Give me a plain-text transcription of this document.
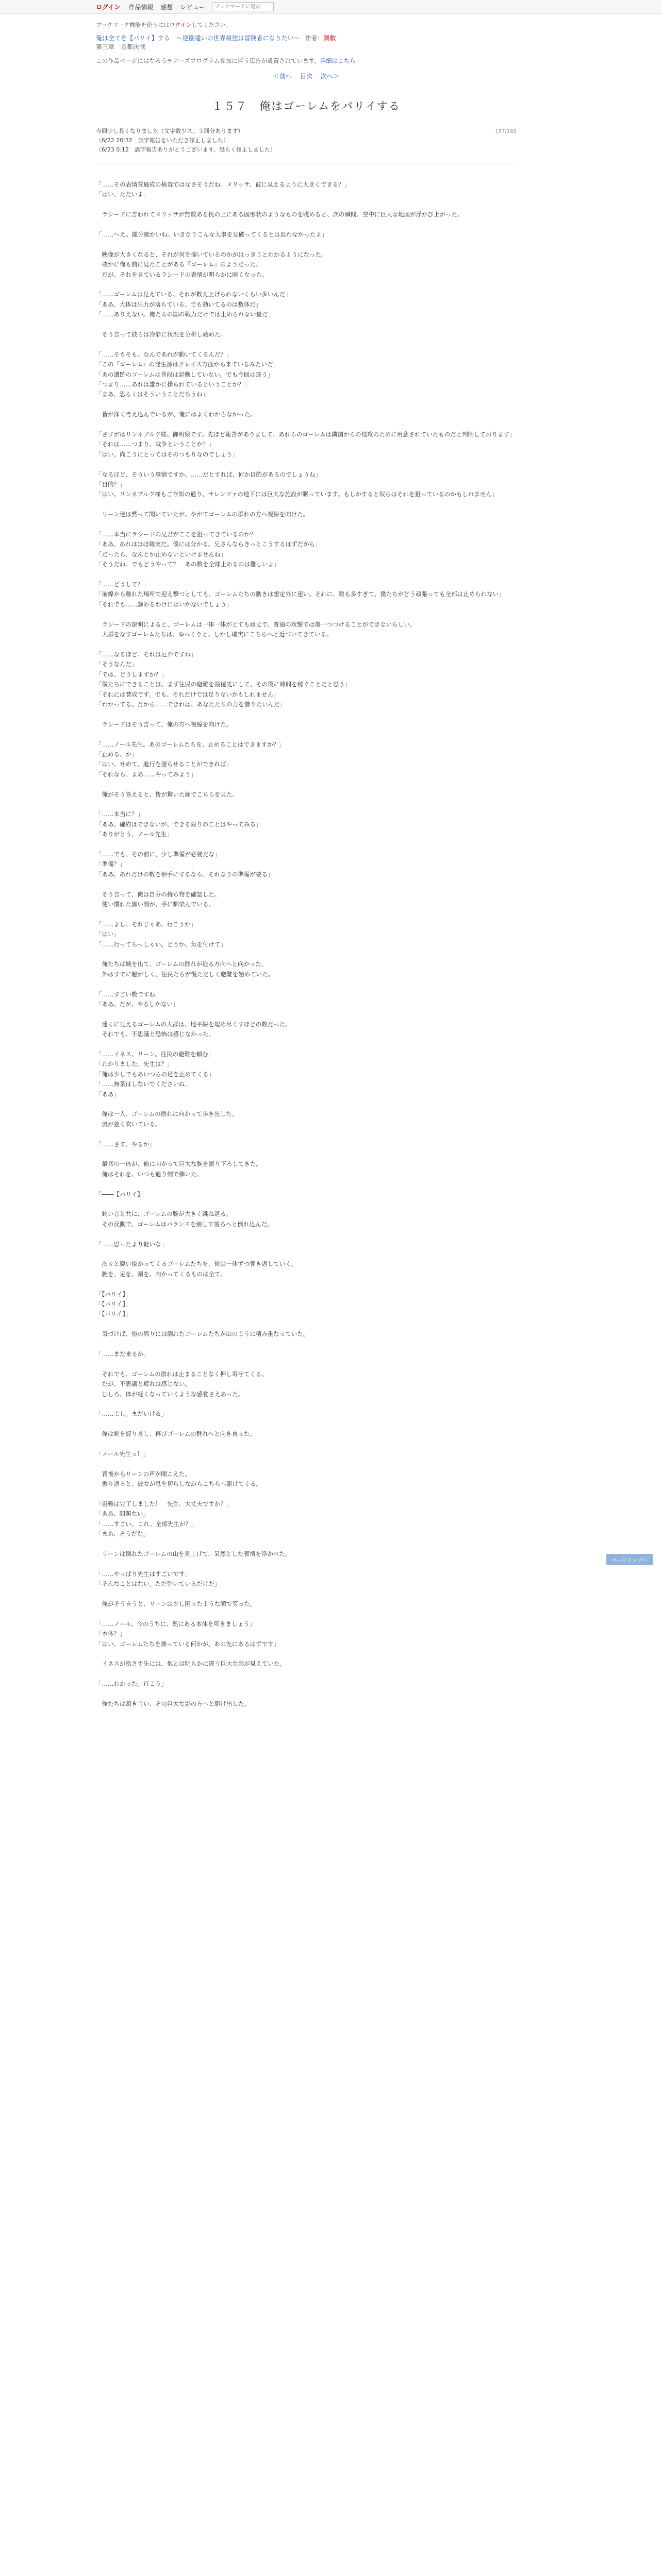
ログイン 作品情報 感想 レビュー
ブックマークに追加
ブックマーク機能を使うにはログインしてください。
俺は全てを【パリイ】する　～逆勘違いの世界最強は冒険者になりたい～ 作者：鍋敷
第三章　首都決戦
この作品ページにはなろうチアーズプログラム参加に伴う広告が設置されています。詳細はこちら
＜前へ 目次 次へ＞
157/168
１５７　俺はゴーレムをパリイする
今回少し長くなりました（文字数少ス、３回分あります）
（6/22 20:32　誤字報告をいただき修正しました）
（6/23 0:12　誤字報告ありがとうございます。恐らく修正しました）

「……その表情普通成の検査ではなさそうだね。メリッサ、彼に見えるように大きくできる？」

「はい、ただいま」

　ラシードに言われてメリッサが無数ある机の上にある図形状のようなものを眺めると、次の瞬間、空中に巨大な地図が浮かび上がった。

「……ヘえ。随分細かいね。いきなりこんな大事を見破ってくるとは思わなかったよ」

　映像が大きくなると、それが何を描いているのかがはっきりとわかるようになった。

　確かに俺も前に見たことがある『ゴーレム』のようだった。

　だが、それを見ているラシードの表情が明らかに暗くなった。

「……ゴーレムは見えている。それが数え上げられないくらい多いんだ」

「ああ、大体は出力が落ちている。でも動いてるのは数体だ」

「……ありえない。俺たちの国の戦力だけでは止められない量だ」

　そう言って彼らは冷静に状況を分析し始めた。

「……そもそも、なんであれが動いてくるんだ？」

「この『ゴーレム』の発生源はクレイス方面から来ているみたいだ」

「あの遺跡のゴーレムは普段は起動していない。でも今回は違う」

「つまり……あれは誰かに操られているということか？」

「まあ、恐らくはそういうことだろうね」

　皆が深く考え込んでいるが、俺にはよくわからなかった。

「さすがはリンネブルグ様。御明察です。先ほど報告がありまして、あれらのゴーレムは隣国からの侵攻のために用意されていたものだと判明しております」

「それは……つまり、戦争ということか？」

「はい、向こうにとってはそのつもりなのでしょう」

「なるほど、そういう事情ですか。……だとすれば、何か目的があるのでしょうね」

「目的？」

「はい。リンネブルグ様もご存知の通り、サレンツァの地下には巨大な施設が眠っています。もしかすると奴らはそれを狙っているのかもしれません」

　リーン達は黙って聞いていたが、やがてゴーレムの群れの方へ視線を向けた。

「……本当にラシードの兄君がここを狙ってきているのか？」

「ああ。あれはほぼ確実だ。僕には分かる。兄さんならきっとこうするはずだから」

「だったら、なんとか止めないといけませんね」

「そうだね。でもどうやって？　あの数を全部止めるのは難しいよ」

「……どうして？」

「前線から離れた場所で迎え撃つとしても、ゴーレムたちの動きは想定外に速い。それに、数も多すぎて、僕たちがどう頑張っても全部は止められない」

「それでも……諦めるわけにはいかないでしょう」

　ラシードの説明によると、ゴーレムは一体一体がとても頑丈で、普通の攻撃では傷一つつけることができないらしい。

　大群をなすゴーレムたちは、ゆっくりと、しかし確実にこちらへと近づいてきている。

「……なるほど。それは厄介ですね」

「そうなんだ」

「では、どうしますか？」

「僕たちにできることは、まず住民の避難を最優先にして、その後に時間を稼ぐことだと思う」

「それには賛成です。でも、それだけでは足りないかもしれません」

「わかってる。だから……できれば、あなたたちの力を借りたいんだ」

　ラシードはそう言って、俺の方へ視線を向けた。

「……ノール先生。あのゴーレムたちを、止めることはできますか？」

「止める、か」

「はい。せめて、進行を遅らせることができれば」

「それなら、まあ……やってみよう」

　俺がそう答えると、皆が驚いた顔でこちらを見た。

「……本当に？」

「ああ。確約はできないが、できる限りのことはやってみる」

「ありがとう、ノール先生」

「……でも、その前に、少し準備が必要だな」

「準備？」

「ああ。あれだけの数を相手にするなら、それなりの準備が要る」

　そう言って、俺は自分の持ち物を確認した。

　使い慣れた黒い剣が、手に馴染んでいる。

「……よし。それじゃあ、行こうか」

「はい」

「……行ってらっしゃい。どうか、気を付けて」

　俺たちは城を出て、ゴーレムの群れが迫る方向へと向かった。

　外はすでに騒がしく、住民たちが慌ただしく避難を始めていた。

「……すごい数ですね」

「ああ。だが、やるしかない」

　遠くに見えるゴーレムの大群は、地平線を埋め尽くすほどの数だった。

　それでも、不思議と恐怖は感じなかった。

「……イネス、リーン。住民の避難を頼む」

「わかりました。先生は？」

「俺は少しでもあいつらの足を止めてくる」

「……無茶はしないでくださいね」

「ああ」

　俺は一人、ゴーレムの群れに向かって歩き出した。

　風が強く吹いている。

「……さて、やるか」

　最初の一体が、俺に向かって巨大な腕を振り下ろしてきた。

　俺はそれを、いつも通り剣で弾いた。

「――【パリイ】」

　鈍い音と共に、ゴーレムの腕が大きく跳ね返る。

　その反動で、ゴーレムはバランスを崩して後ろへと倒れ込んだ。

「……思ったより軽いな」

　次々と襲い掛かってくるゴーレムたちを、俺は一体ずつ弾き返していく。

　腕を、足を、頭を。向かってくるものは全て。

「【パリイ】」

「【パリイ】」

「【パリイ】」

　気づけば、俺の周りには倒れたゴーレムたちが山のように積み重なっていた。

「……まだ来るか」

　それでも、ゴーレムの群れは止まることなく押し寄せてくる。

　だが、不思議と疲れは感じない。

　むしろ、体が軽くなっていくような感覚さえあった。

「……よし。まだいける」

　俺は剣を握り直し、再びゴーレムの群れへと向き直った。

「ノール先生っ！」

　背後からリーンの声が聞こえた。

　振り返ると、彼女が息を切らしながらこちらへ駆けてくる。

「避難は完了しました！　先生、大丈夫ですか？」

「ああ、問題ない」

「……すごい。これ、全部先生が？」

「まあ、そうだな」

　リーンは倒れたゴーレムの山を見上げて、呆然とした表情を浮かべた。

「……やっぱり先生はすごいです」

「そんなことはない。ただ弾いているだけだ」

　俺がそう言うと、リーンは少し困ったような顔で笑った。

「……ノール。今のうちに、奥にある本体を叩きましょう」

「本体？」

「はい。ゴーレムたちを操っている何かが、あの先にあるはずです」

　イネスが指さす先には、他とは明らかに違う巨大な影が見えていた。

「……わかった。行こう」

　俺たちは頷き合い、その巨大な影の方へと駆け出した。

ページトップへ
